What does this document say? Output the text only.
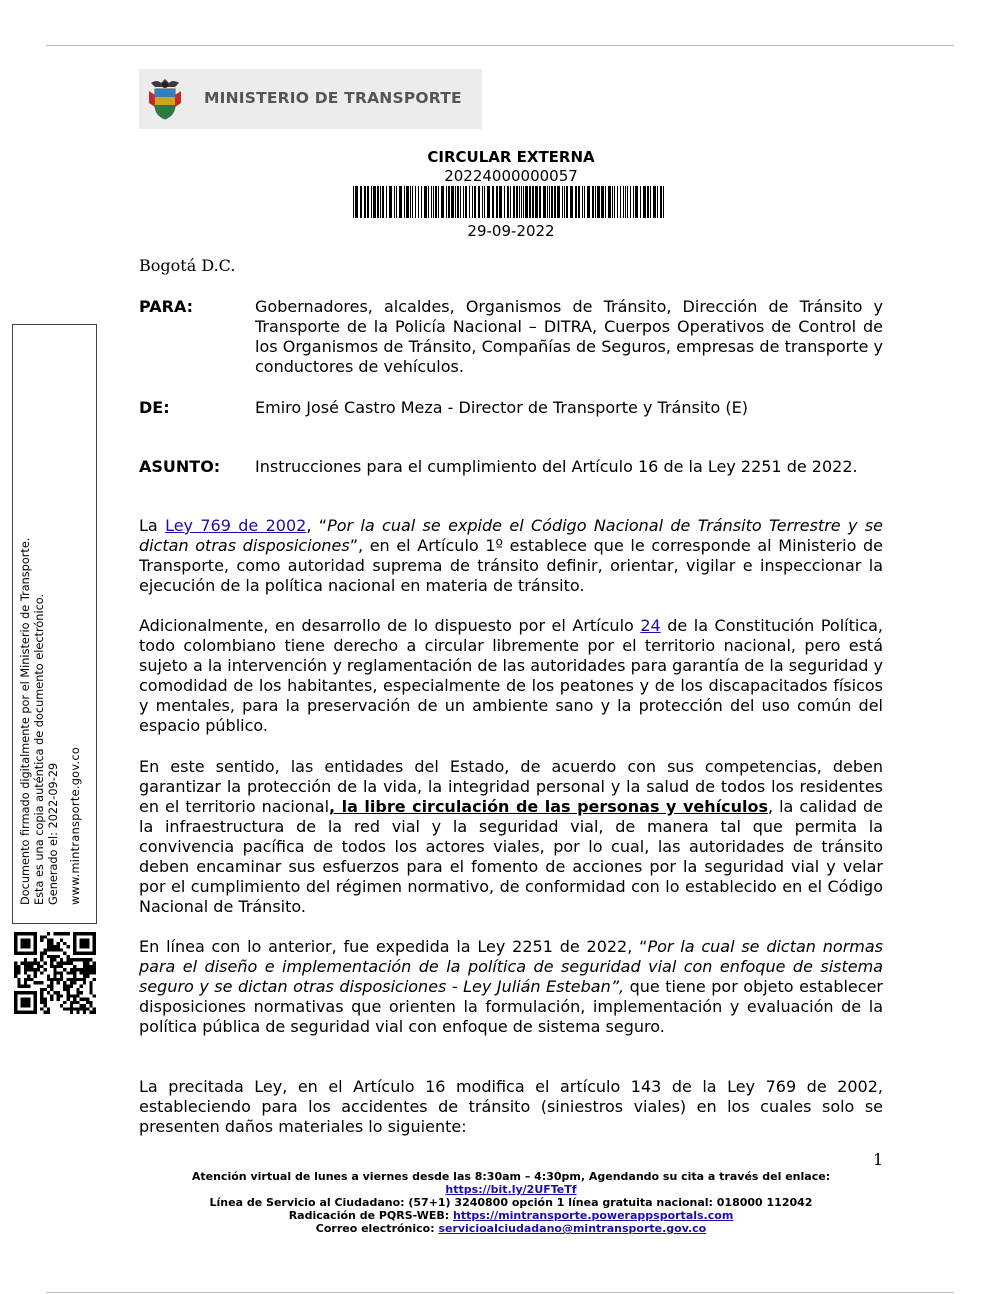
MINISTERIO DE TRANSPORTE
CIRCULAR EXTERNA
20224000000057
29-09-2022
Bogotá D.C.
PARA:	Gobernadores, alcaldes, Organismos de Tránsito, Dirección de Tránsito y Transporte de la Policía Nacional – DITRA, Cuerpos Operativos de Control de los Organismos de Tránsito, Compañías de Seguros, empresas de transporte y conductores de vehículos.
DE:	Emiro José Castro Meza - Director de Transporte y Tránsito (E)
ASUNTO: Instrucciones para el cumplimiento del Artículo 16 de la Ley 2251 de 2022.

La Ley 769 de 2002, “Por la cual se expide el Código Nacional de Tránsito Terrestre y se dictan otras disposiciones”, en el Artículo 1º establece que le corresponde al Ministerio de Transporte, como autoridad suprema de tránsito definir, orientar, vigilar e inspeccionar la ejecución de la política nacional en materia de tránsito.

Adicionalmente, en desarrollo de lo dispuesto por el Artículo 24 de la Constitución Política, todo colombiano tiene derecho a circular libremente por el territorio nacional, pero está sujeto a la intervención y reglamentación de las autoridades para garantía de la seguridad y comodidad de los habitantes, especialmente de los peatones y de los discapacitados físicos y mentales, para la preservación de un ambiente sano y la protección del uso común del espacio público.

En este sentido, las entidades del Estado, de acuerdo con sus competencias, deben garantizar la protección de la vida, la integridad personal y la salud de todos los residentes en el territorio nacional, la libre circulación de las personas y vehículos, la calidad de la infraestructura de la red vial y la seguridad vial, de manera tal que permita la convivencia pacífica de todos los actores viales, por lo cual, las autoridades de tránsito deben encaminar sus esfuerzos para el fomento de acciones por la seguridad vial y velar por el cumplimiento del régimen normativo, de conformidad con lo establecido en el Código Nacional de Tránsito.

En línea con lo anterior, fue expedida la Ley 2251 de 2022, “Por la cual se dictan normas para el diseño e implementación de la política de seguridad vial con enfoque de sistema seguro y se dictan otras disposiciones - Ley Julián Esteban”, que tiene por objeto establecer disposiciones normativas que orienten la formulación, implementación y evaluación de la política pública de seguridad vial con enfoque de sistema seguro.

La precitada Ley, en el Artículo 16 modifica el artículo 143 de la Ley 769 de 2002, estableciendo para los accidentes de tránsito (siniestros viales) en los cuales solo se presenten daños materiales lo siguiente:

Documento firmado digitalmente por el Ministerio de Transporte. Esta es una copia auténtica de documento electrónico. Generado el: 2022-09-29 www.mintransporte.gov.co
1
Atención virtual de lunes a viernes desde las 8:30am – 4:30pm, Agendando su cita a través del enlace:
https://bit.ly/2UFTeTf
Línea de Servicio al Ciudadano: (57+1) 3240800 opción 1 línea gratuita nacional: 018000 112042
Radicación de PQRS-WEB: https://mintransporte.powerappsportals.com
Correo electrónico: servicioalciudadano@mintransporte.gov.co
